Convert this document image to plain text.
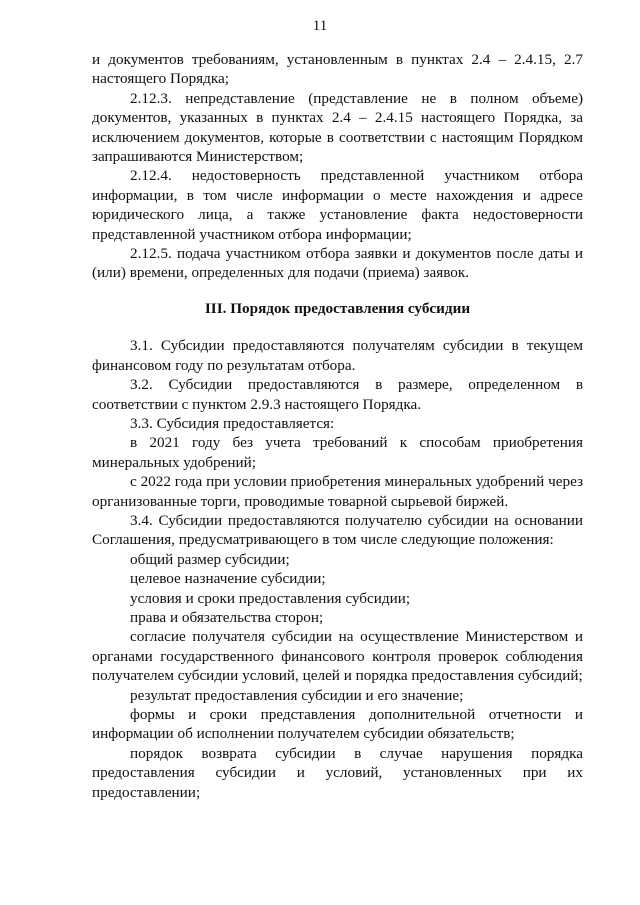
11

и документов требованиям, установленным в пунктах 2.4 – 2.4.15, 2.7 настоящего Порядка;

2.12.3. непредставление (представление не в полном объеме) документов, указанных в пунктах 2.4 – 2.4.15 настоящего Порядка, за исключением документов, которые в соответствии с настоящим Порядком запрашиваются Министерством;

2.12.4. недостоверность представленной участником отбора информации, в том числе информации о месте нахождения и адресе юридического лица, а также установление факта недостоверности представленной участником отбора информации;

2.12.5. подача участником отбора заявки и документов после даты и (или) времени, определенных для подачи (приема) заявок.

III. Порядок предоставления субсидии

3.1. Субсидии предоставляются получателям субсидии в текущем финансовом году по результатам отбора.

3.2. Субсидии предоставляются в размере, определенном в соответствии с пунктом 2.9.3 настоящего Порядка.

3.3. Субсидия предоставляется:

в 2021 году без учета требований к способам приобретения минеральных удобрений;

с 2022 года при условии приобретения минеральных удобрений через организованные торги, проводимые товарной сырьевой биржей.

3.4. Субсидии предоставляются получателю субсидии на основании Соглашения, предусматривающего в том числе следующие положения:

общий размер субсидии;

целевое назначение субсидии;

условия и сроки предоставления субсидии;

права и обязательства сторон;

согласие получателя субсидии на осуществление Министерством и органами государственного финансового контроля проверок соблюдения получателем субсидии условий, целей и порядка предоставления субсидий;

результат предоставления субсидии и его значение;

формы и сроки представления дополнительной отчетности и информации об исполнении получателем субсидии обязательств;

порядок возврата субсидии в случае нарушения порядка предоставления субсидии и условий, установленных при их предоставлении;
